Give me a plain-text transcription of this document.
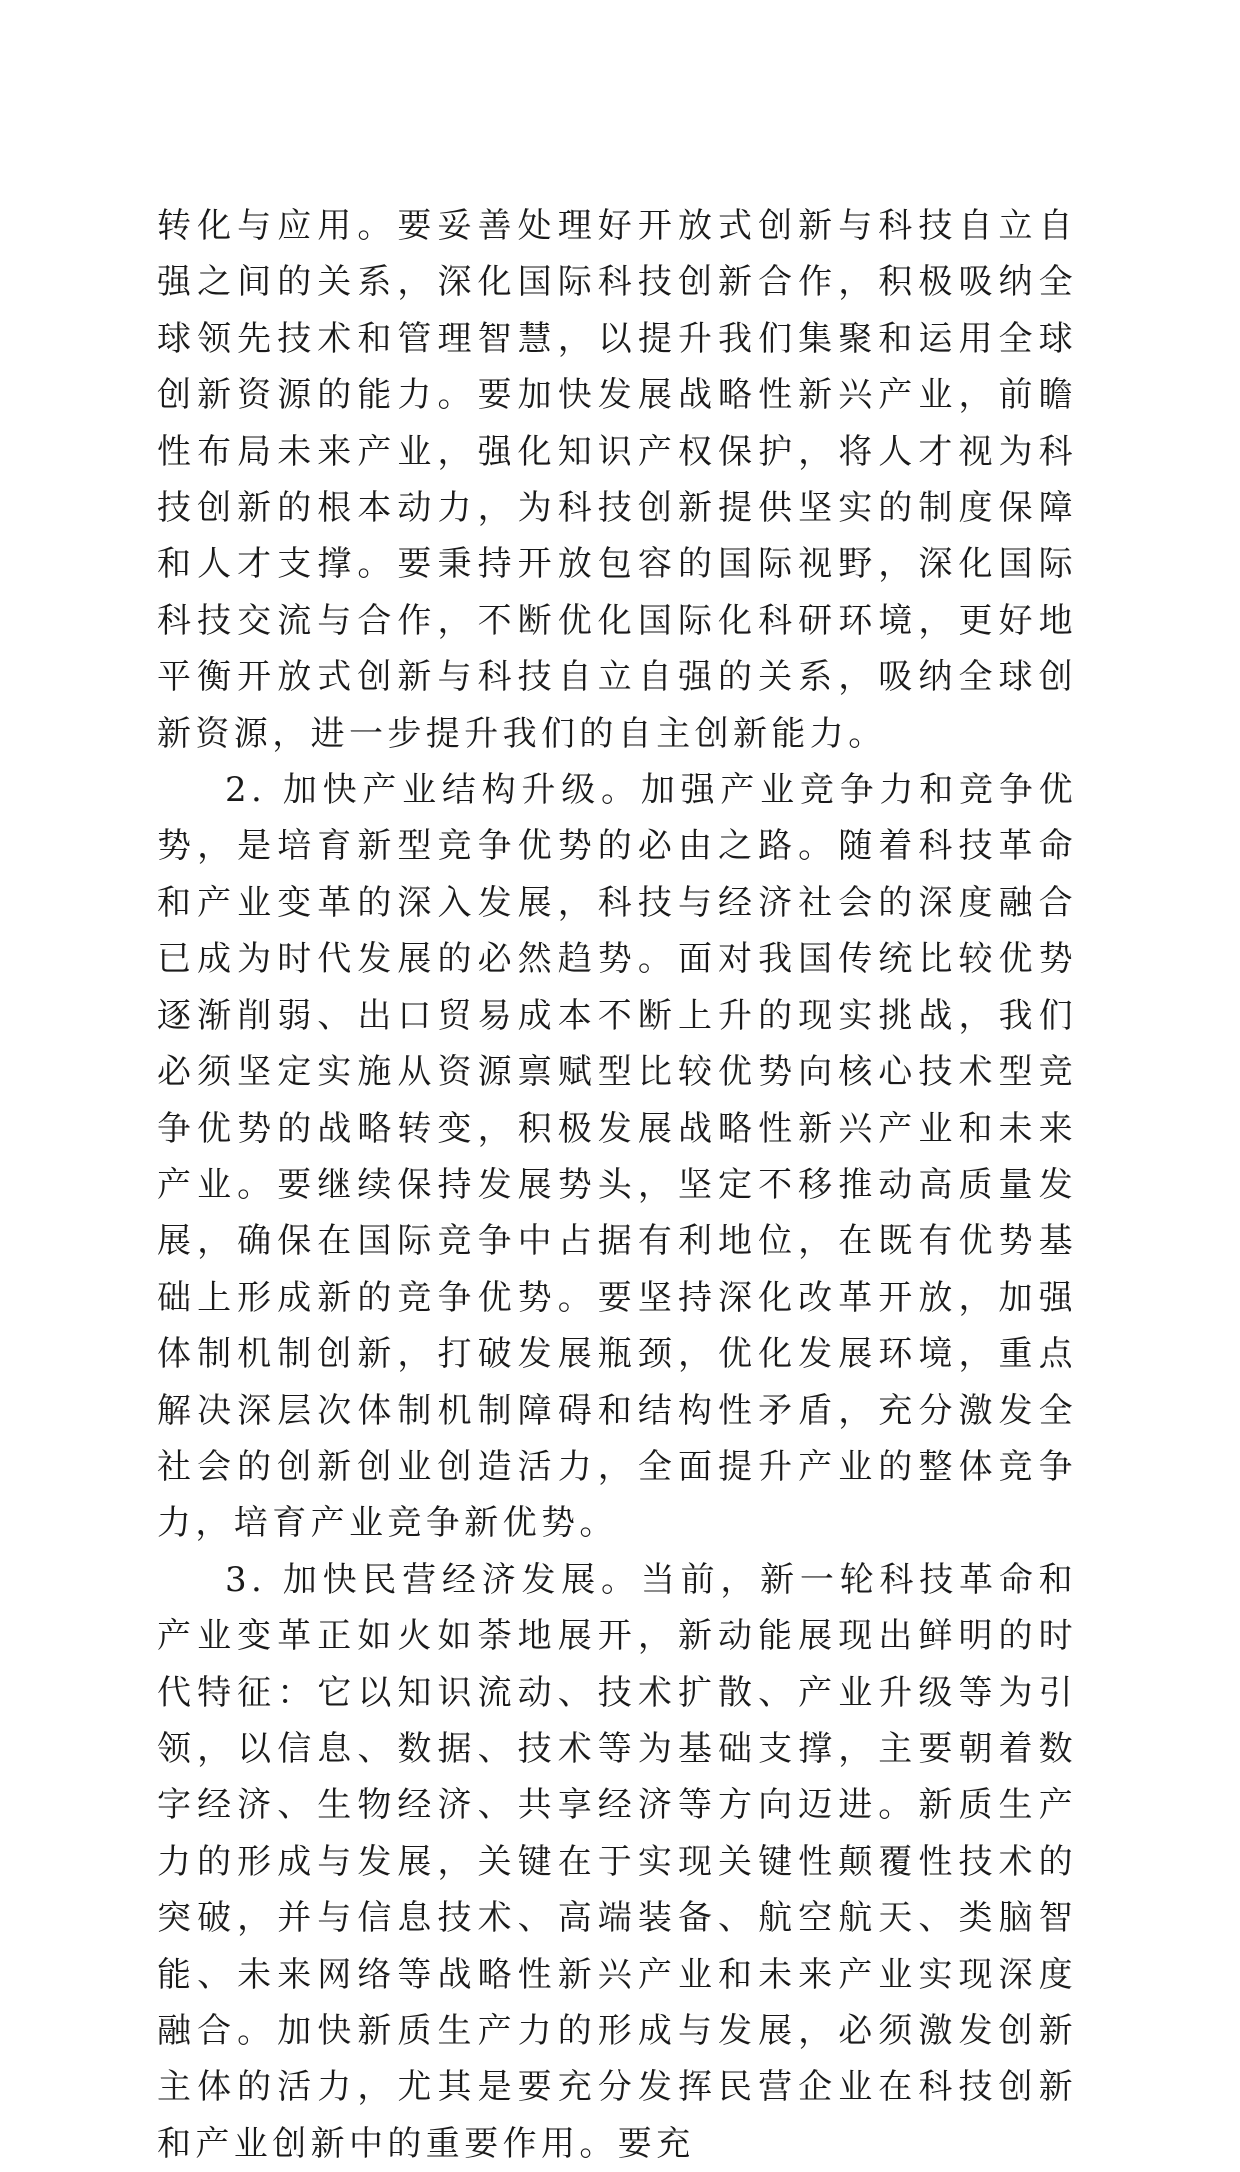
转化与应用。要妥善处理好开放式创新与科技自立自强之间的关系，深化国际科技创新合作，积极吸纳全球领先技术和管理智慧，以提升我们集聚和运用全球创新资源的能力。要加快发展战略性新兴产业，前瞻性布局未来产业，强化知识产权保护，将人才视为科技创新的根本动力，为科技创新提供坚实的制度保障和人才支撑。要秉持开放包容的国际视野，深化国际科技交流与合作，不断优化国际化科研环境，更好地平衡开放式创新与科技自立自强的关系，吸纳全球创新资源，进一步提升我们的自主创新能力。

2. 加快产业结构升级。加强产业竞争力和竞争优势，是培育新型竞争优势的必由之路。随着科技革命和产业变革的深入发展，科技与经济社会的深度融合已成为时代发展的必然趋势。面对我国传统比较优势逐渐削弱、出口贸易成本不断上升的现实挑战，我们必须坚定实施从资源禀赋型比较优势向核心技术型竞争优势的战略转变，积极发展战略性新兴产业和未来产业。要继续保持发展势头，坚定不移推动高质量发展，确保在国际竞争中占据有利地位，在既有优势基础上形成新的竞争优势。要坚持深化改革开放，加强体制机制创新，打破发展瓶颈，优化发展环境，重点解决深层次体制机制障碍和结构性矛盾，充分激发全社会的创新创业创造活力，全面提升产业的整体竞争力，培育产业竞争新优势。

3. 加快民营经济发展。当前，新一轮科技革命和产业变革正如火如荼地展开，新动能展现出鲜明的时代特征：它以知识流动、技术扩散、产业升级等为引领，以信息、数据、技术等为基础支撑，主要朝着数字经济、生物经济、共享经济等方向迈进。新质生产力的形成与发展，关键在于实现关键性颠覆性技术的突破，并与信息技术、高端装备、航空航天、类脑智能、未来网络等战略性新兴产业和未来产业实现深度融合。加快新质生产力的形成与发展，必须激发创新主体的活力，尤其是要充分发挥民营企业在科技创新和产业创新中的重要作用。要充
